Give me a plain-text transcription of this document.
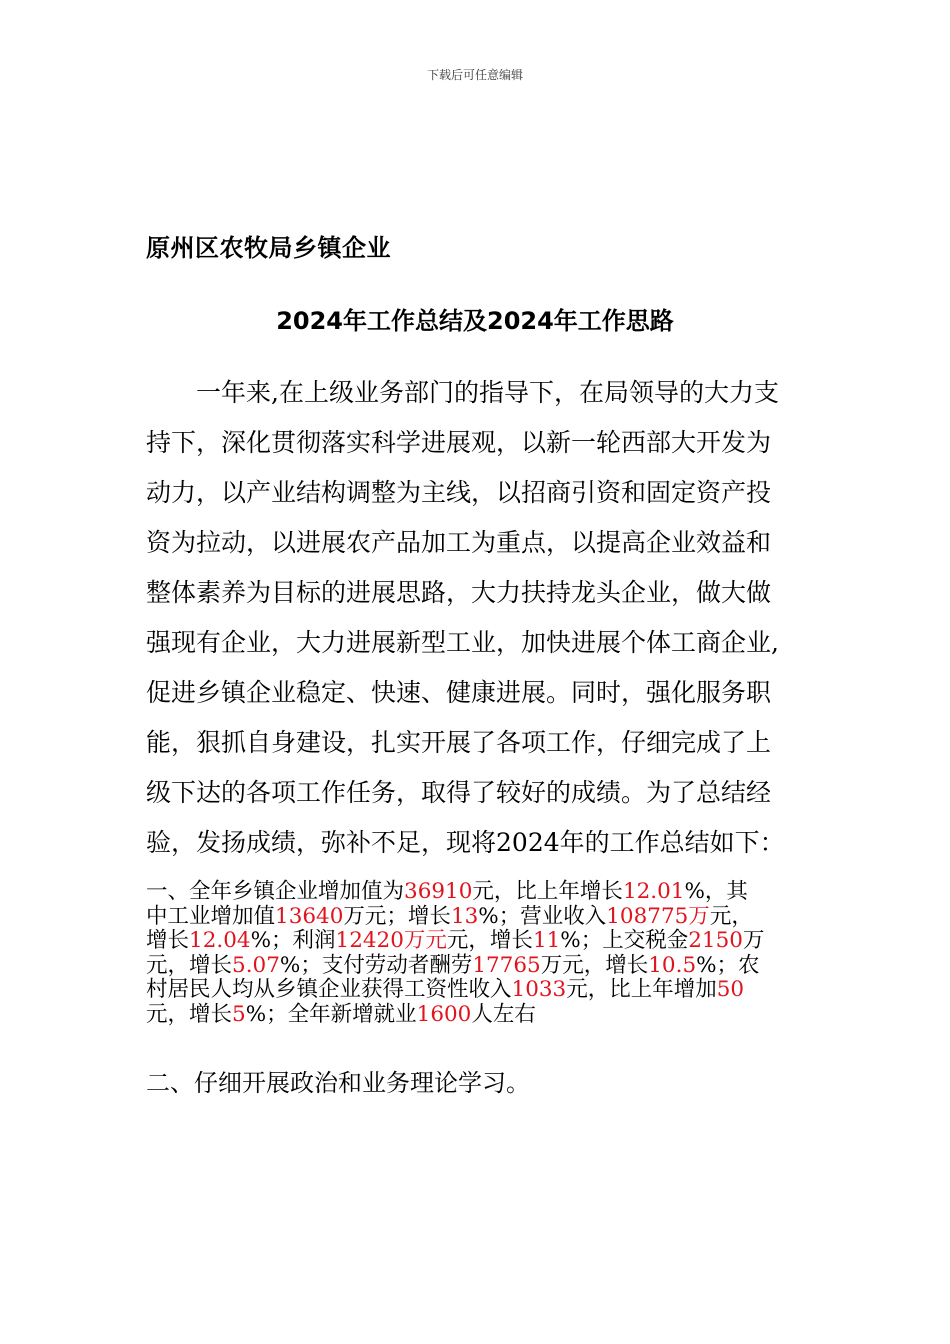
下载后可任意编辑
原州区农牧局乡镇企业
2024年工作总结及2024年工作思路
一年来,在上级业务部门的指导下，在局领导的大力支
持下，深化贯彻落实科学进展观，以新一轮西部大开发为
动力，以产业结构调整为主线，以招商引资和固定资产投
资为拉动，以进展农产品加工为重点，以提高企业效益和
整体素养为目标的进展思路，大力扶持龙头企业，做大做
强现有企业，大力进展新型工业，加快进展个体工商企业,
促进乡镇企业稳定、快速、健康进展。同时，强化服务职
能，狠抓自身建设，扎实开展了各项工作，仔细完成了上
级下达的各项工作任务，取得了较好的成绩。为了总结经
验，发扬成绩，弥补不足，现将2024年的工作总结如下：
一、全年乡镇企业增加值为36910元，比上年增长12.01%，其
中工业增加值13640万元；增长13%；营业收入108775万元，
增长12.04%；利润12420万元元，增长11%；上交税金2150万
元，增长5.07%；支付劳动者酬劳17765万元，增长10.5%；农
村居民人均从乡镇企业获得工资性收入1033元，比上年增加50
元，增长5%；全年新增就业1600人左右
二、仔细开展政治和业务理论学习。
